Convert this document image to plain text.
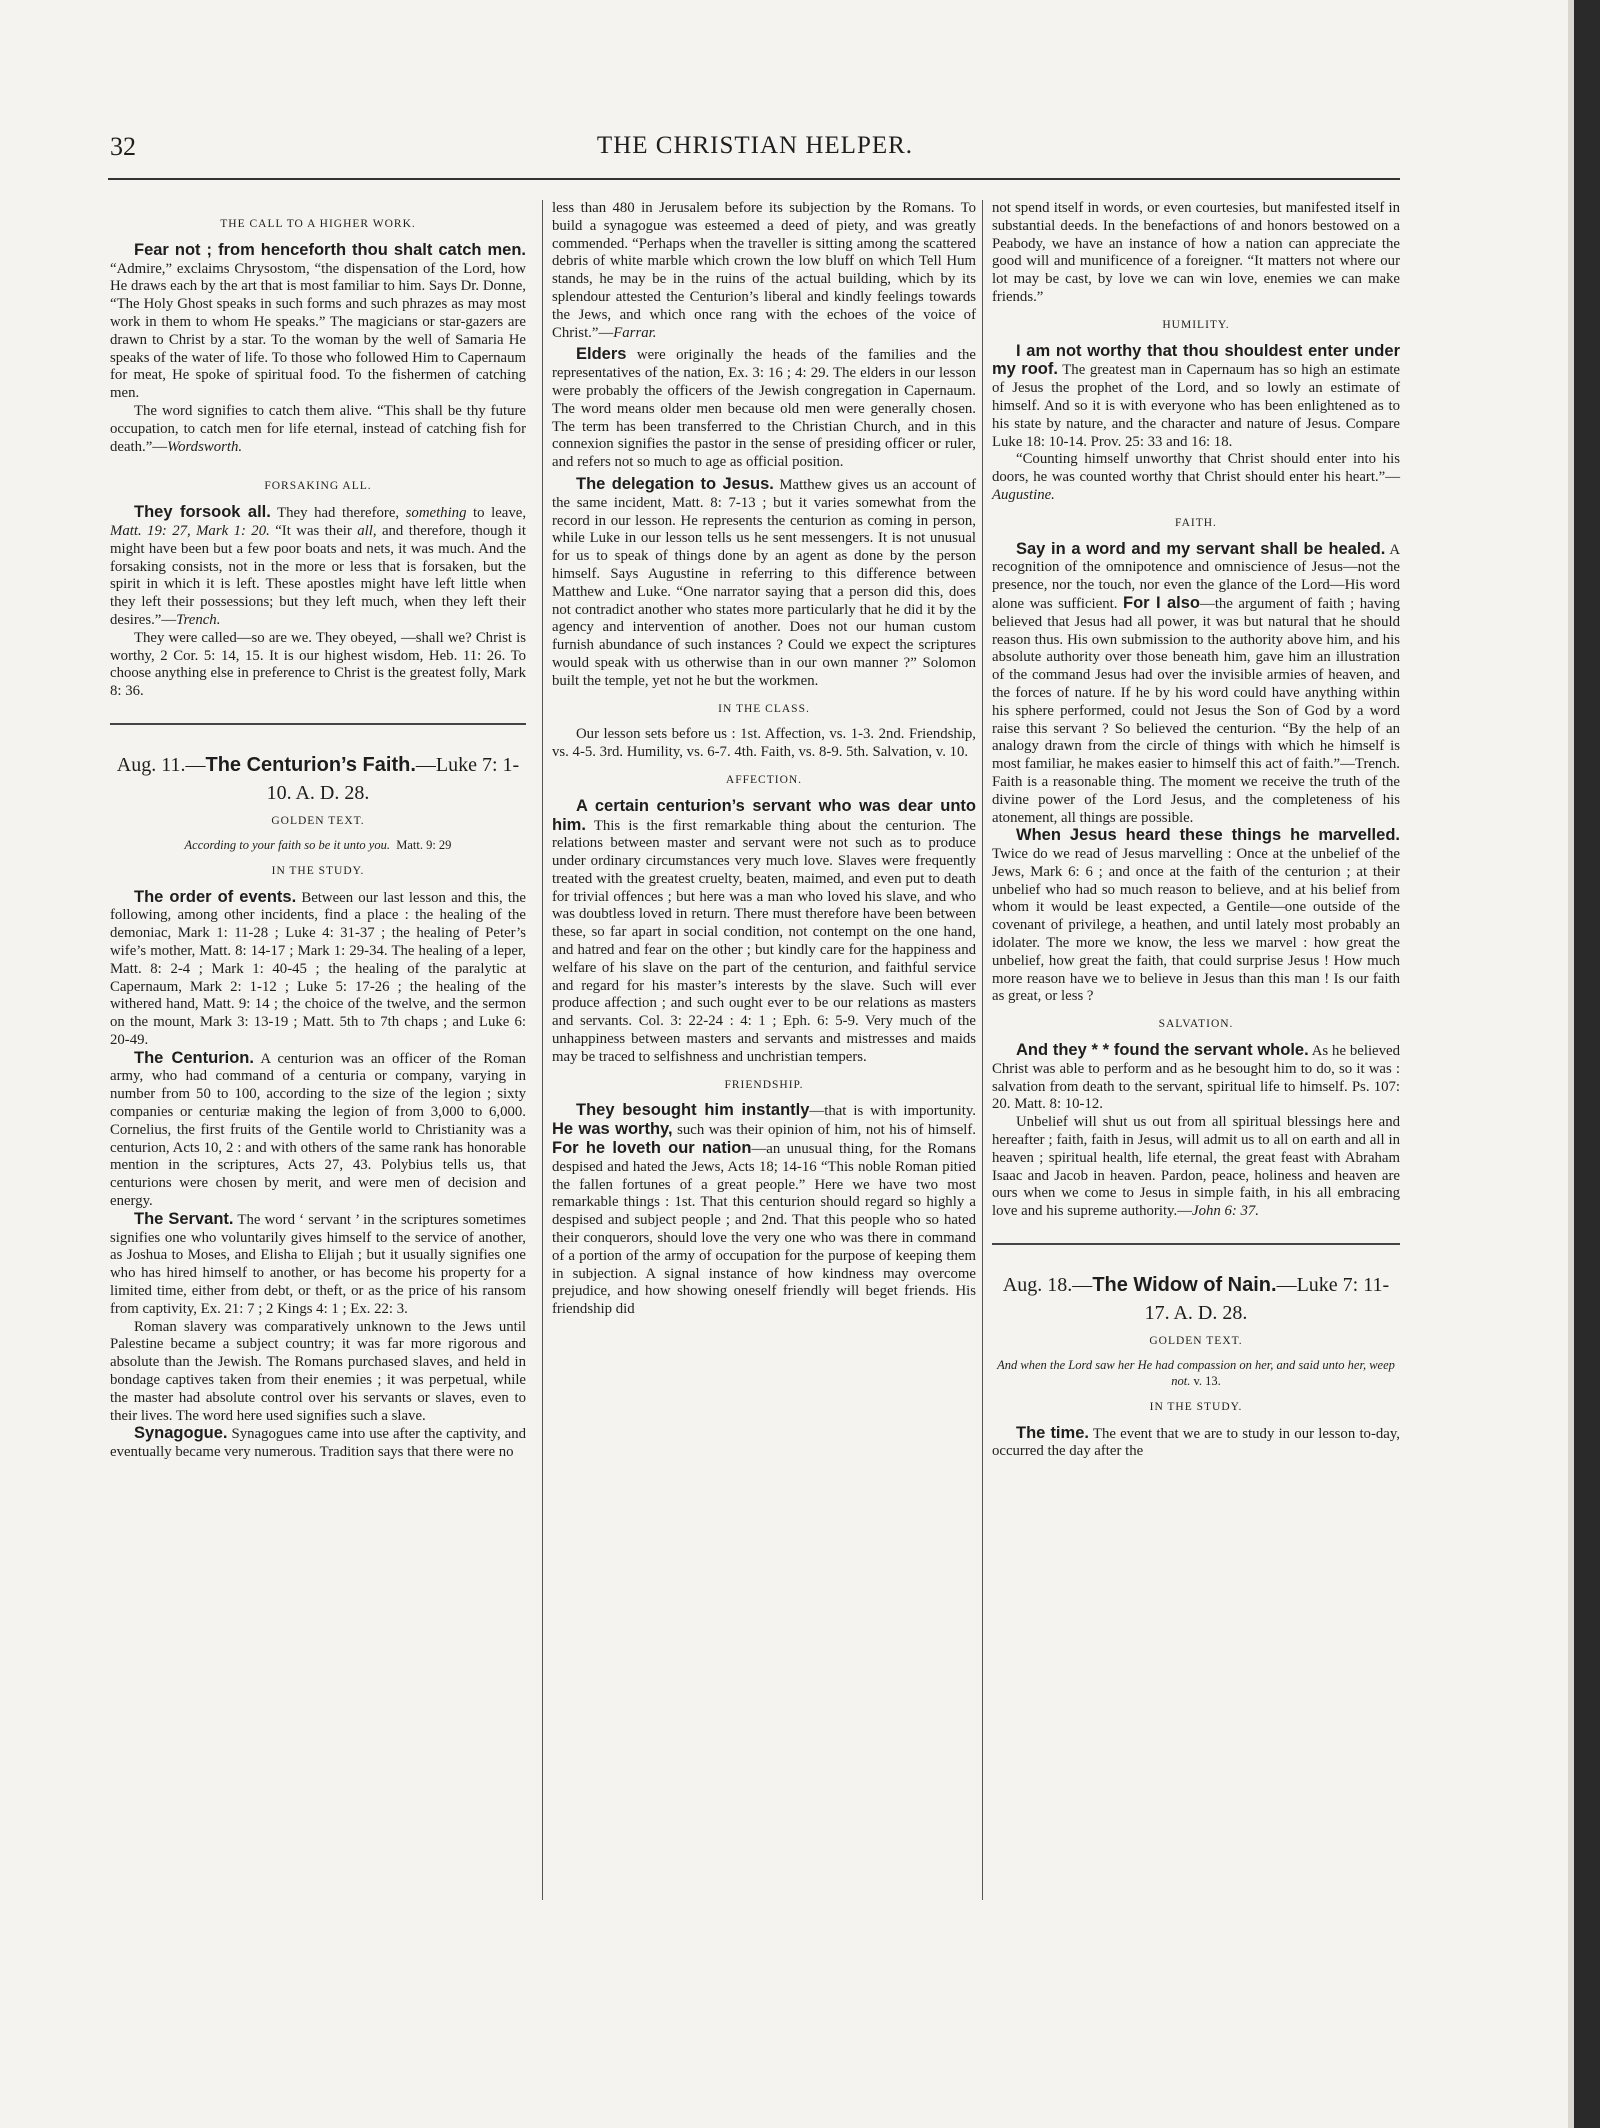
32	THE CHRISTIAN HELPER.
THE CALL TO A HIGHER WORK.

Fear not ; from henceforth thou shalt catch men. “Admire,” exclaims Chrysostom, “the dispensation of the Lord, how He draws each by the art that is most familiar to him. Says Dr. Donne, “The Holy Ghost speaks in such forms and such phrazes as may most work in them to whom He speaks.” The magicians or star-gazers are drawn to Christ by a star. To the woman by the well of Samaria He speaks of the water of life. To those who followed Him to Capernaum for meat, He spoke of spiritual food. To the fishermen of catching men.

The word signifies to catch them alive. “This shall be thy future occupation, to catch men for life eternal, instead of catching fish for death.”—Wordsworth.

FORSAKING ALL.

They forsook all. They had therefore, something to leave, Matt. 19: 27, Mark 1: 20. “It was their all, and therefore, though it might have been but a few poor boats and nets, it was much. And the forsaking consists, not in the more or less that is forsaken, but the spirit in which it is left. These apostles might have left little when they left their possessions; but they left much, when they left their desires.”—Trench.

They were called—so are we. They obeyed, —shall we? Christ is worthy, 2 Cor. 5: 14, 15. It is our highest wisdom, Heb. 11: 26. To choose anything else in preference to Christ is the greatest folly, Mark 8: 36.

Aug. 11.—The Centurion’s Faith.—Luke 7: 1-10. A. D. 28.
GOLDEN TEXT.
According to your faith so be it unto you. Matt. 9: 29
IN THE STUDY.

The order of events. Between our last lesson and this, the following, among other incidents, find a place : the healing of the demoniac, Mark 1: 11-28 ; Luke 4: 31-37 ; the healing of Peter’s wife’s mother, Matt. 8: 14-17 ; Mark 1: 29-34. The healing of a leper, Matt. 8: 2-4 ; Mark 1: 40-45 ; the healing of the paralytic at Capernaum, Mark 2: 1-12 ; Luke 5: 17-26 ; the healing of the withered hand, Matt. 9: 14 ; the choice of the twelve, and the sermon on the mount, Mark 3: 13-19 ; Matt. 5th to 7th chaps ; and Luke 6: 20-49.

The Centurion. A centurion was an officer of the Roman army, who had command of a centuria or company, varying in number from 50 to 100, according to the size of the legion ; sixty companies or centuriæ making the legion of from 3,000 to 6,000. Cornelius, the first fruits of the Gentile world to Christianity was a centurion, Acts 10, 2 : and with others of the same rank has honorable mention in the scriptures, Acts 27, 43. Polybius tells us, that centurions were chosen by merit, and were men of decision and energy.

The Servant. The word ‘ servant ’ in the scriptures sometimes signifies one who voluntarily gives himself to the service of another, as Joshua to Moses, and Elisha to Elijah ; but it usually signifies one who has hired himself to another, or has become his property for a limited time, either from debt, or theft, or as the price of his ransom from captivity, Ex. 21: 7 ; 2 Kings 4: 1 ; Ex. 22: 3.

Roman slavery was comparatively unknown to the Jews until Palestine became a subject country; it was far more rigorous and absolute than the Jewish. The Romans purchased slaves, and held in bondage captives taken from their enemies ; it was perpetual, while the master had absolute control over his servants or slaves, even to their lives. The word here used signifies such a slave.

Synagogue. Synagogues came into use after the captivity, and eventually became very numerous. Tradition says that there were no

less than 480 in Jerusalem before its subjection by the Romans. To build a synagogue was esteemed a deed of piety, and was greatly commended. “Perhaps when the traveller is sitting among the scattered debris of white marble which crown the low bluff on which Tell Hum stands, he may be in the ruins of the actual building, which by its splendour attested the Centurion’s liberal and kindly feelings towards the Jews, and which once rang with the echoes of the voice of Christ.”—Farrar.

Elders were originally the heads of the families and the representatives of the nation, Ex. 3: 16 ; 4: 29. The elders in our lesson were probably the officers of the Jewish congregation in Capernaum. The word means older men because old men were generally chosen. The term has been transferred to the Christian Church, and in this connexion signifies the pastor in the sense of presiding officer or ruler, and refers not so much to age as official position.

The delegation to Jesus. Matthew gives us an account of the same incident, Matt. 8: 7-13 ; but it varies somewhat from the record in our lesson. He represents the centurion as coming in person, while Luke in our lesson tells us he sent messengers. It is not unusual for us to speak of things done by an agent as done by the person himself. Says Augustine in referring to this difference between Matthew and Luke. “One narrator saying that a person did this, does not contradict another who states more particularly that he did it by the agency and intervention of another. Does not our human custom furnish abundance of such instances ? Could we expect the scriptures would speak with us otherwise than in our own manner ?” Solomon built the temple, yet not he but the workmen.

IN THE CLASS.

Our lesson sets before us : 1st. Affection, vs. 1-3. 2nd. Friendship, vs. 4-5. 3rd. Humility, vs. 6-7. 4th. Faith, vs. 8-9. 5th. Salvation, v. 10.

AFFECTION.

A certain centurion’s servant who was dear unto him. This is the first remarkable thing about the centurion. The relations between master and servant were not such as to produce under ordinary circumstances very much love. Slaves were frequently treated with the greatest cruelty, beaten, maimed, and even put to death for trivial offences ; but here was a man who loved his slave, and who was doubtless loved in return. There must therefore have been between these, so far apart in social condition, not contempt on the one hand, and hatred and fear on the other ; but kindly care for the happiness and welfare of his slave on the part of the centurion, and faithful service and regard for his master’s interests by the slave. Such will ever produce affection ; and such ought ever to be our relations as masters and servants. Col. 3: 22-24 : 4: 1 ; Eph. 6: 5-9. Very much of the unhappiness between masters and servants and mistresses and maids may be traced to selfishness and unchristian tempers.

FRIENDSHIP.

They besought him instantly—that is with importunity. He was worthy, such was their opinion of him, not his of himself. For he loveth our nation—an unusual thing, for the Romans despised and hated the Jews, Acts 18; 14-16 “This noble Roman pitied the fallen fortunes of a great people.” Here we have two most remarkable things : 1st. That this centurion should regard so highly a despised and subject people ; and 2nd. That this people who so hated their conquerors, should love the very one who was there in command of a portion of the army of occupation for the purpose of keeping them in subjection. A signal instance of how kindness may overcome prejudice, and how showing oneself friendly will beget friends. His friendship did

not spend itself in words, or even courtesies, but manifested itself in substantial deeds. In the benefactions of and honors bestowed on a Peabody, we have an instance of how a nation can appreciate the good will and munificence of a foreigner. “It matters not where our lot may be cast, by love we can win love, enemies we can make friends.”

HUMILITY.

I am not worthy that thou shouldest enter under my roof. The greatest man in Capernaum has so high an estimate of Jesus the prophet of the Lord, and so lowly an estimate of himself. And so it is with everyone who has been enlightened as to his state by nature, and the character and nature of Jesus. Compare Luke 18: 10-14. Prov. 25: 33 and 16: 18.

“Counting himself unworthy that Christ should enter into his doors, he was counted worthy that Christ should enter his heart.”—Augustine.

FAITH.

Say in a word and my servant shall be healed. A recognition of the omnipotence and omniscience of Jesus—not the presence, nor the touch, nor even the glance of the Lord—His word alone was sufficient. For I also—the argument of faith ; having believed that Jesus had all power, it was but natural that he should reason thus. His own submission to the authority above him, and his absolute authority over those beneath him, gave him an illustration of the command Jesus had over the invisible armies of heaven, and the forces of nature. If he by his word could have anything within his sphere performed, could not Jesus the Son of God by a word raise this servant ? So believed the centurion. “By the help of an analogy drawn from the circle of things with which he himself is most familiar, he makes easier to himself this act of faith.”—Trench. Faith is a reasonable thing. The moment we receive the truth of the divine power of the Lord Jesus, and the completeness of his atonement, all things are possible.

When Jesus heard these things he marvelled. Twice do we read of Jesus marvelling : Once at the unbelief of the Jews, Mark 6: 6 ; and once at the faith of the centurion ; at their unbelief who had so much reason to believe, and at his belief from whom it would be least expected, a Gentile—one outside of the covenant of privilege, a heathen, and until lately most probably an idolater. The more we know, the less we marvel : how great the unbelief, how great the faith, that could surprise Jesus ! How much more reason have we to believe in Jesus than this man ! Is our faith as great, or less ?

SALVATION.

And they * * found the servant whole. As he believed Christ was able to perform and as he besought him to do, so it was : salvation from death to the servant, spiritual life to himself. Ps. 107: 20. Matt. 8: 10-12.

Unbelief will shut us out from all spiritual blessings here and hereafter ; faith, faith in Jesus, will admit us to all on earth and all in heaven ; spiritual health, life eternal, the great feast with Abraham Isaac and Jacob in heaven. Pardon, peace, holiness and heaven are ours when we come to Jesus in simple faith, in his all embracing love and his supreme authority.—John 6: 37.

Aug. 18.—The Widow of Nain.—Luke 7: 11-17. A. D. 28.
GOLDEN TEXT.
And when the Lord saw her He had compassion on her, and said unto her, weep not. v. 13.
IN THE STUDY.

The time. The event that we are to study in our lesson to-day, occurred the day after the
